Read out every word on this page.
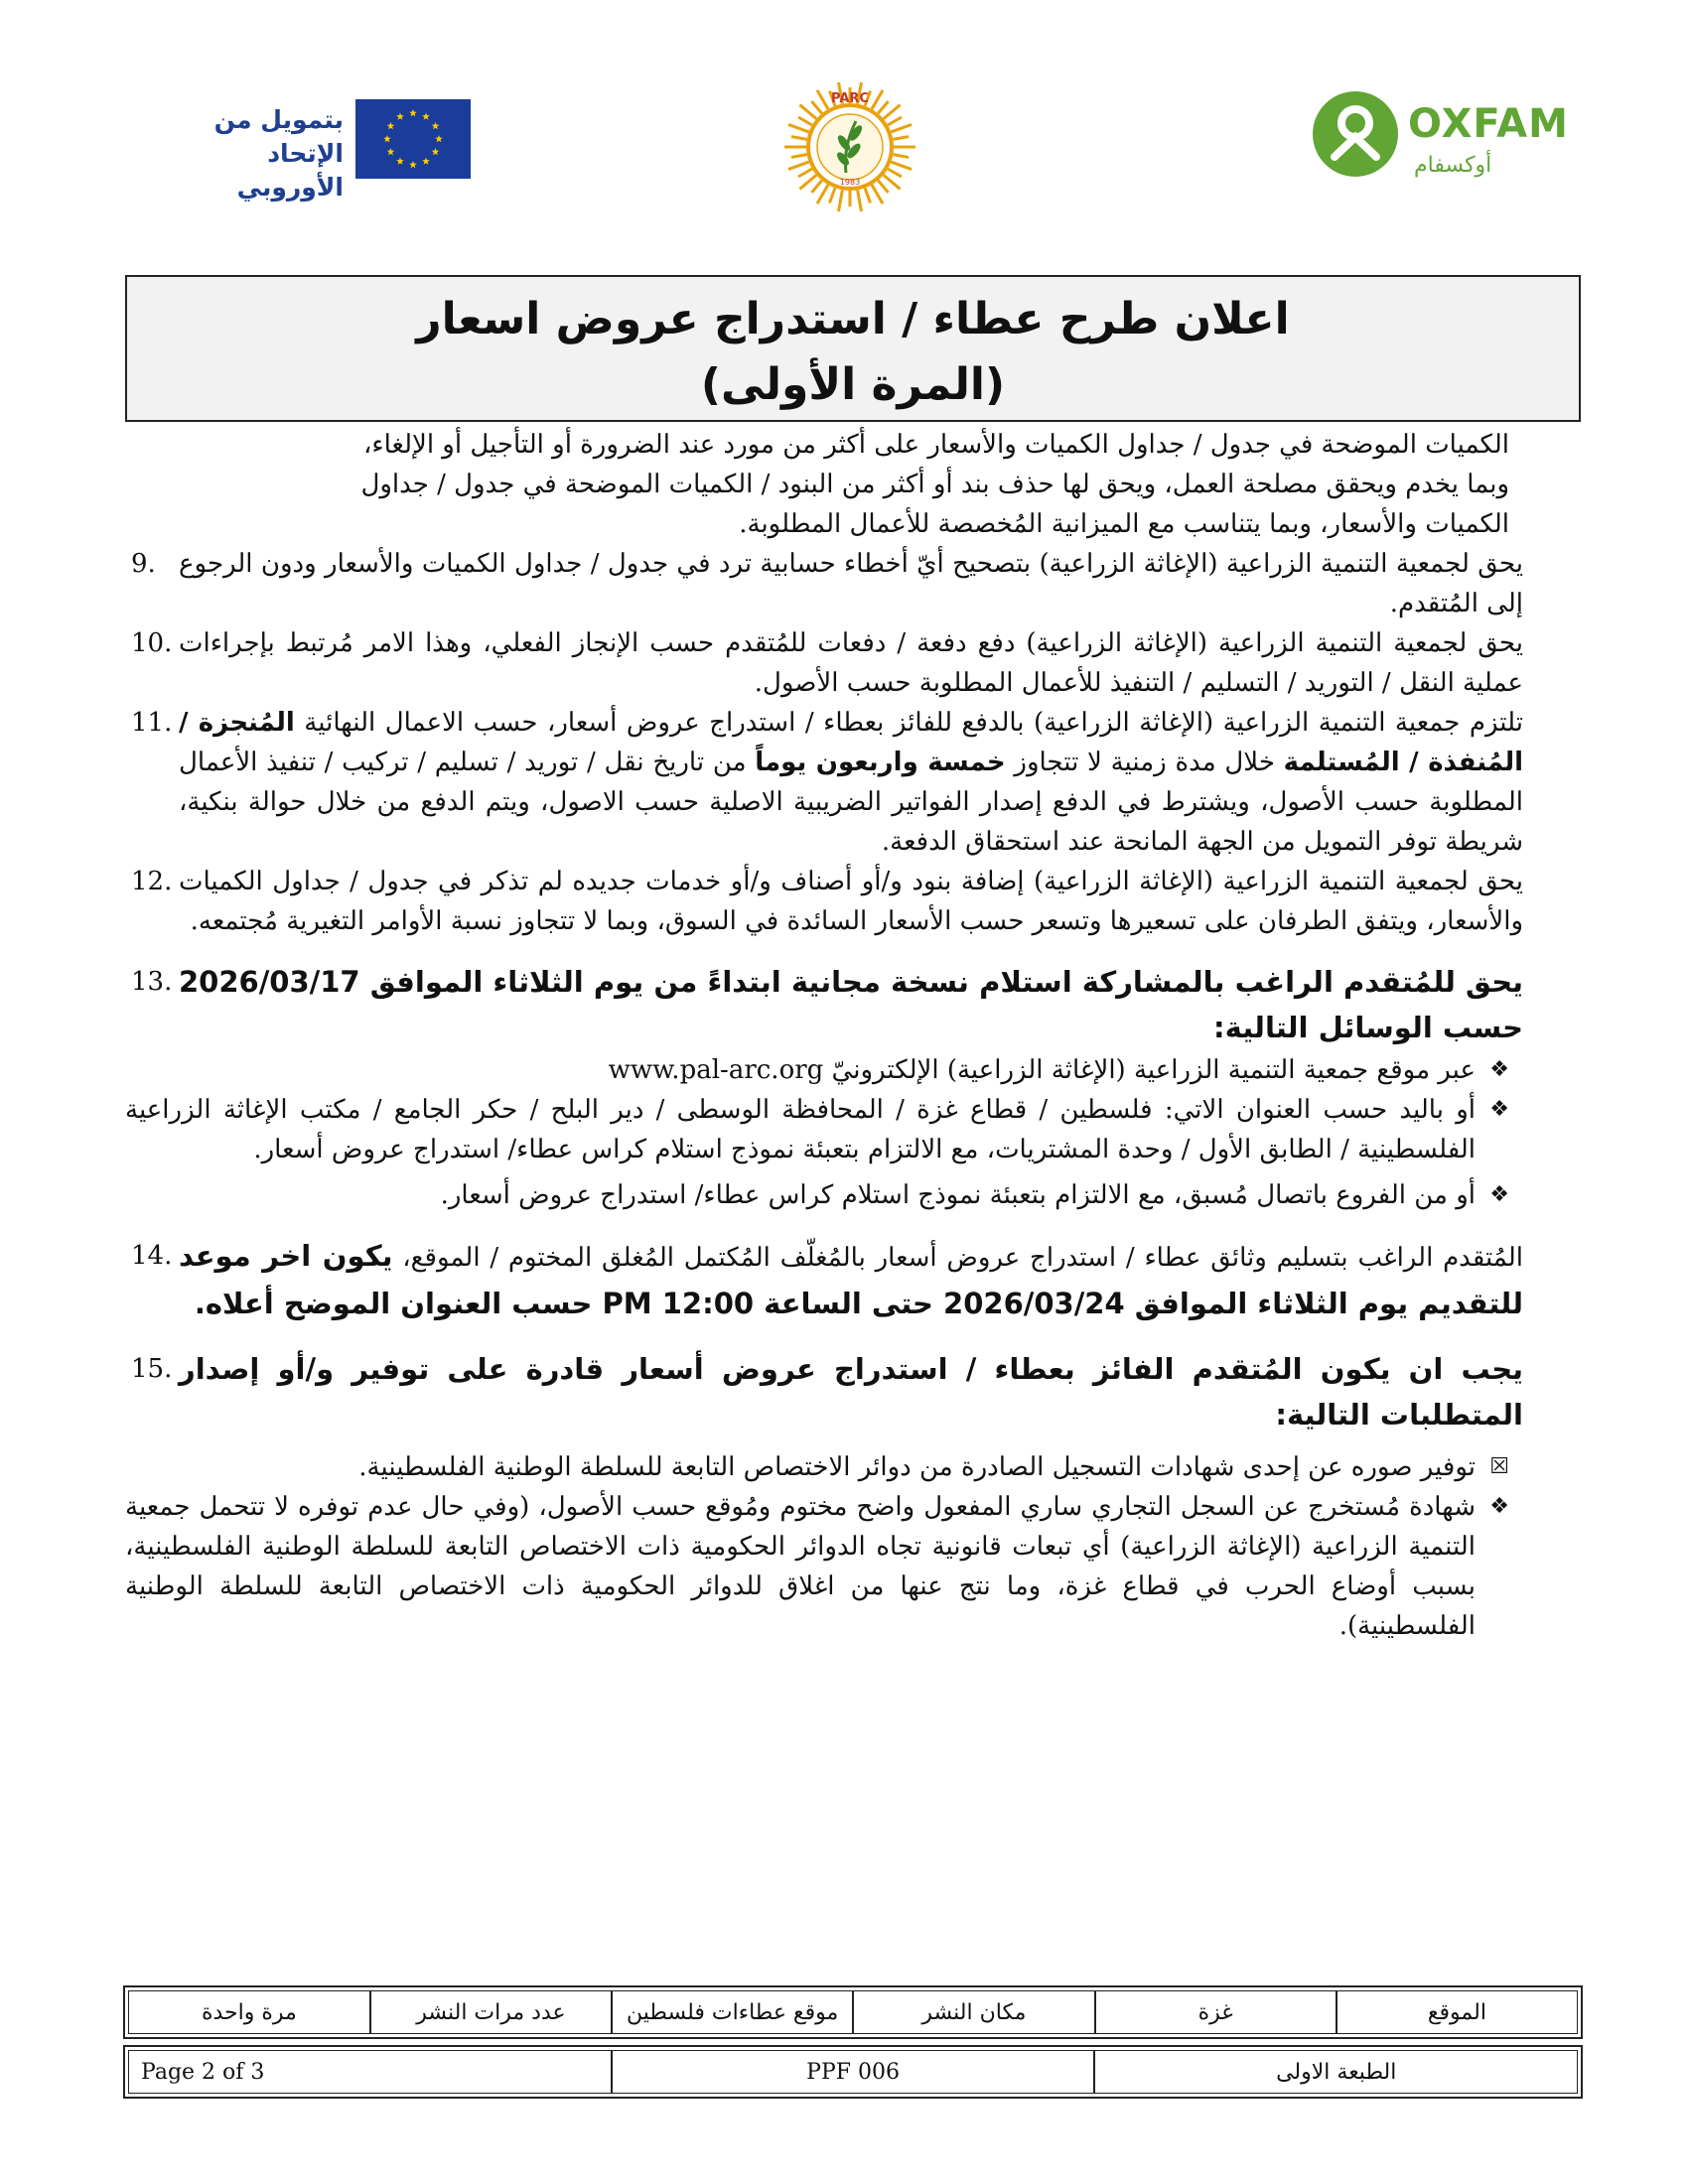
بتمويل من
الإتحاد الأوروبي
PARC
1983
OXFAM
أوكسفام
اعلان طرح عطاء / استدراج عروض اسعار
(المرة الأولى)
الكميات الموضحة في جدول / جداول الكميات والأسعار على أكثر من مورد عند الضرورة أو التأجيل أو الإلغاء،
وبما يخدم ويحقق مصلحة العمل، ويحق لها حذف بند أو أكثر من البنود / الكميات الموضحة في جدول / جداول
الكميات والأسعار، وبما يتناسب مع الميزانية المُخصصة للأعمال المطلوبة.
يحق لجمعية التنمية الزراعية (الإغاثة الزراعية) بتصحيح أيّ أخطاء حسابية ترد في جدول / جداول الكميات والأسعار ودون الرجوع إلى المُتقدم.
9.
يحق لجمعية التنمية الزراعية (الإغاثة الزراعية) دفع دفعة / دفعات للمُتقدم حسب الإنجاز الفعلي، وهذا الامر مُرتبط بإجراءات عملية النقل / التوريد / التسليم / التنفيذ للأعمال المطلوبة حسب الأصول.
10.
تلتزم جمعية التنمية الزراعية (الإغاثة الزراعية) بالدفع للفائز بعطاء / استدراج عروض أسعار، حسب الاعمال النهائية المُنجزة / المُنفذة / المُستلمة خلال مدة زمنية لا تتجاوز خمسة واربعون يوماً من تاريخ نقل / توريد / تسليم / تركيب / تنفيذ الأعمال المطلوبة حسب الأصول، ويشترط في الدفع إصدار الفواتير الضريبية الاصلية حسب الاصول، ويتم الدفع من خلال حوالة بنكية، شريطة توفر التمويل من الجهة المانحة عند استحقاق الدفعة.
11.
يحق لجمعية التنمية الزراعية (الإغاثة الزراعية) إضافة بنود و/أو أصناف و/أو خدمات جديده لم تذكر في جدول / جداول الكميات والأسعار، ويتفق الطرفان على تسعيرها وتسعر حسب الأسعار السائدة في السوق، وبما لا تتجاوز نسبة الأوامر التغيرية مُجتمعه.
12.
يحق للمُتقدم الراغب بالمشاركة استلام نسخة مجانية ابتداءً من يوم الثلاثاء الموافق 2026/03/17 حسب الوسائل التالية:
13.
❖
عبر موقع جمعية التنمية الزراعية (الإغاثة الزراعية) الإلكترونيّ www.pal-arc.org
❖
أو باليد حسب العنوان الاتي: فلسطين / قطاع غزة / المحافظة الوسطى / دير البلح / حكر الجامع / مكتب الإغاثة الزراعية الفلسطينية / الطابق الأول / وحدة المشتريات، مع الالتزام بتعبئة نموذج استلام كراس عطاء/ استدراج عروض أسعار.
❖
أو من الفروع باتصال مُسبق، مع الالتزام بتعبئة نموذج استلام كراس عطاء/ استدراج عروض أسعار.
المُتقدم الراغب بتسليم وثائق عطاء / استدراج عروض أسعار بالمُغلّف المُكتمل المُغلق المختوم / الموقع، يكون اخر موعد للتقديم يوم الثلاثاء الموافق 2026/03/24 حتى الساعة 12:00 PM حسب العنوان الموضح أعلاه.
14.
يجب ان يكون المُتقدم الفائز بعطاء / استدراج عروض أسعار قادرة على توفير و/أو إصدار المتطلبات التالية:
15.
☒
توفير صوره عن إحدى شهادات التسجيل الصادرة من دوائر الاختصاص التابعة للسلطة الوطنية الفلسطينية.
❖
شهادة مُستخرج عن السجل التجاري ساري المفعول واضح مختوم ومُوقع حسب الأصول، (وفي حال عدم توفره لا تتحمل جمعية التنمية الزراعية (الإغاثة الزراعية) أي تبعات قانونية تجاه الدوائر الحكومية ذات الاختصاص التابعة للسلطة الوطنية الفلسطينية، بسبب أوضاع الحرب في قطاع غزة، وما نتج عنها من اغلاق للدوائر الحكومية ذات الاختصاص التابعة للسلطة الوطنية الفلسطينية).
الموقع
غزة
مكان النشر
موقع عطاءات فلسطين
عدد مرات النشر
مرة واحدة
الطبعة الاولى
PPF 006
Page 2 of 3
